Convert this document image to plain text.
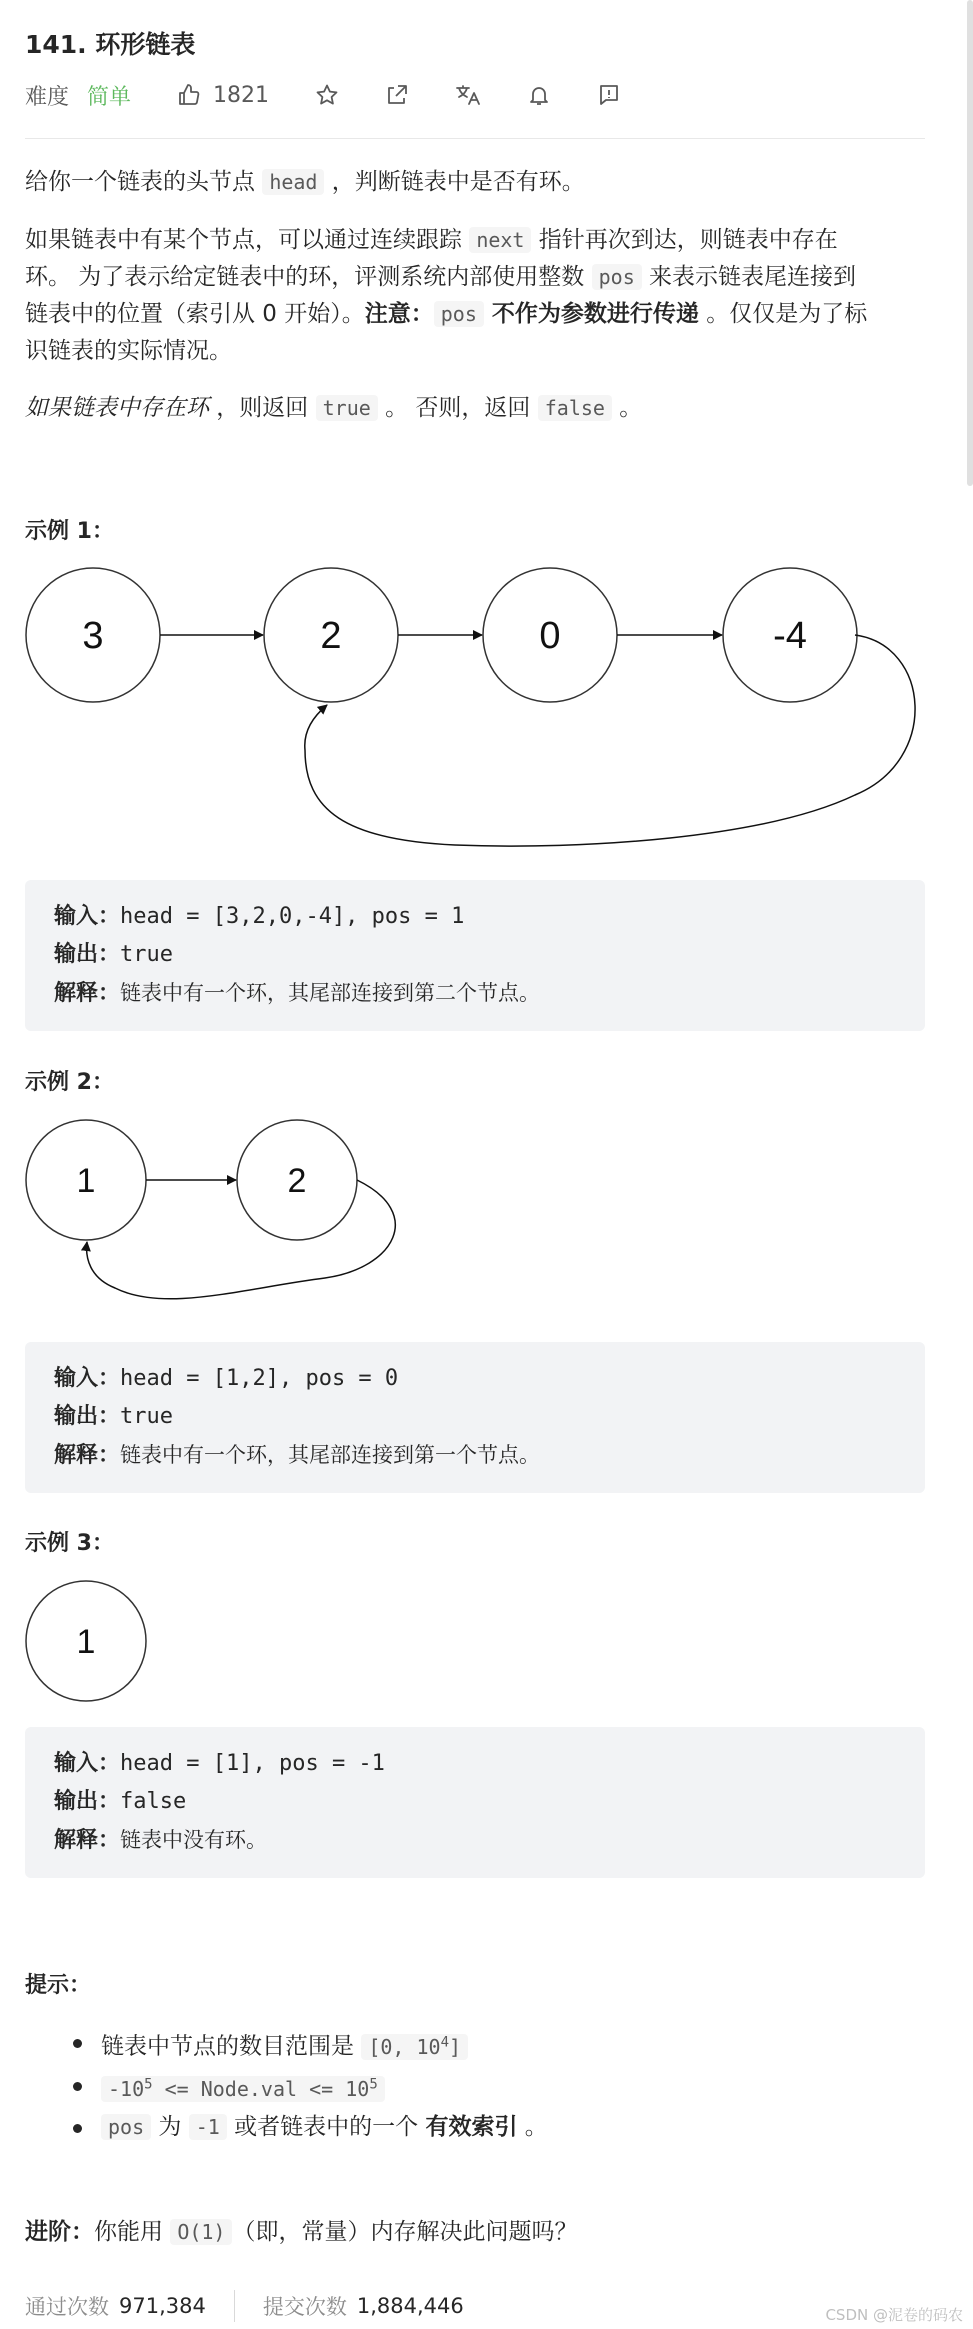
141. 环形链表
难度 简单	1821
给你一个链表的头节点 head ，判断链表中是否有环。
如果链表中有某个节点，可以通过连续跟踪 next 指针再次到达，则链表中存在
环。 为了表示给定链表中的环，评测系统内部使用整数 pos 来表示链表尾连接到
链表中的位置（索引从 0 开始）。注意： pos 不作为参数进行传递 。仅仅是为了标
识链表的实际情况。
如果链表中存在环 ，则返回 true 。 否则，返回 false 。
示例 1：
3	2	0	-4
输入：head = [3,2,0,-4], pos = 1
输出：true
解释：链表中有一个环，其尾部连接到第二个节点。
示例 2：
1	2
输入：head = [1,2], pos = 0
输出：true
解释：链表中有一个环，其尾部连接到第一个节点。
示例 3：
1
输入：head = [1], pos = -1
输出：false
解释：链表中没有环。
提示：
链表中节点的数目范围是 [0, $10^4$]
$-10^5$ <= Node.val <= $10^5$
pos 为 -1 或者链表中的一个 有效索引 。
进阶：你能用 O(1) （即，常量）内存解决此问题吗？
通过次数 971,384	提交次数 1,884,446	CSDN @泥卷的码农
